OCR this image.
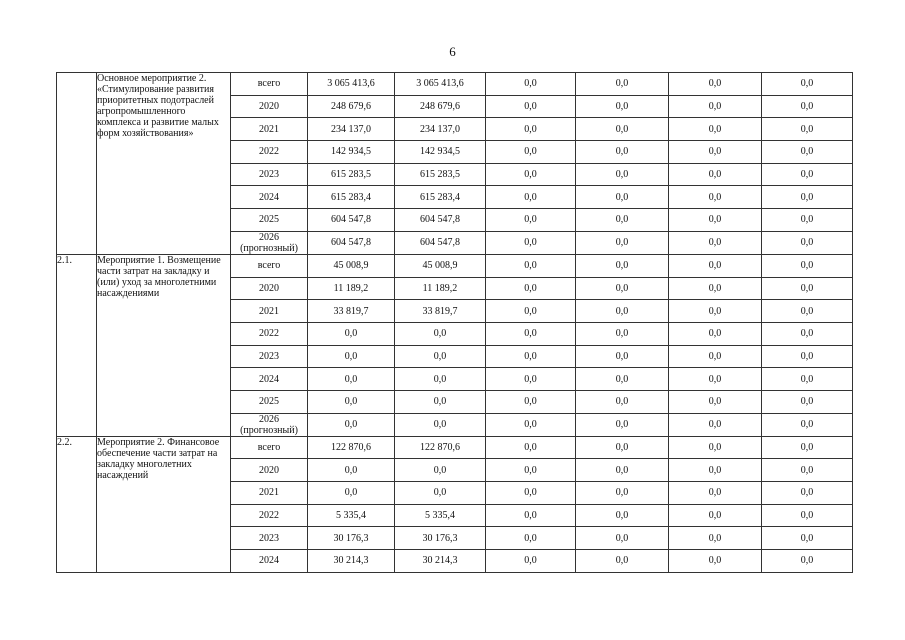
6
	Основное мероприятие 2. «Стимулирование развития приоритетных подотраслей агропромышленного комплекса и развитие малых форм хозяйствования»	всего	3 065 413,6	3 065 413,6	0,0	0,0	0,0	0,0
		2020	248 679,6	248 679,6	0,0	0,0	0,0	0,0
		2021	234 137,0	234 137,0	0,0	0,0	0,0	0,0
		2022	142 934,5	142 934,5	0,0	0,0	0,0	0,0
		2023	615 283,5	615 283,5	0,0	0,0	0,0	0,0
		2024	615 283,4	615 283,4	0,0	0,0	0,0	0,0
		2025	604 547,8	604 547,8	0,0	0,0	0,0	0,0
		2026 (прогнозный)	604 547,8	604 547,8	0,0	0,0	0,0	0,0
2.1.	Мероприятие 1. Возмещение части затрат на закладку и (или) уход за многолетними насаждениями	всего	45 008,9	45 008,9	0,0	0,0	0,0	0,0
		2020	11 189,2	11 189,2	0,0	0,0	0,0	0,0
		2021	33 819,7	33 819,7	0,0	0,0	0,0	0,0
		2022	0,0	0,0	0,0	0,0	0,0	0,0
		2023	0,0	0,0	0,0	0,0	0,0	0,0
		2024	0,0	0,0	0,0	0,0	0,0	0,0
		2025	0,0	0,0	0,0	0,0	0,0	0,0
		2026 (прогнозный)	0,0	0,0	0,0	0,0	0,0	0,0
2.2.	Мероприятие 2. Финансовое обеспечение части затрат на закладку многолетних насаждений	всего	122 870,6	122 870,6	0,0	0,0	0,0	0,0
		2020	0,0	0,0	0,0	0,0	0,0	0,0
		2021	0,0	0,0	0,0	0,0	0,0	0,0
		2022	5 335,4	5 335,4	0,0	0,0	0,0	0,0
		2023	30 176,3	30 176,3	0,0	0,0	0,0	0,0
		2024	30 214,3	30 214,3	0,0	0,0	0,0	0,0
